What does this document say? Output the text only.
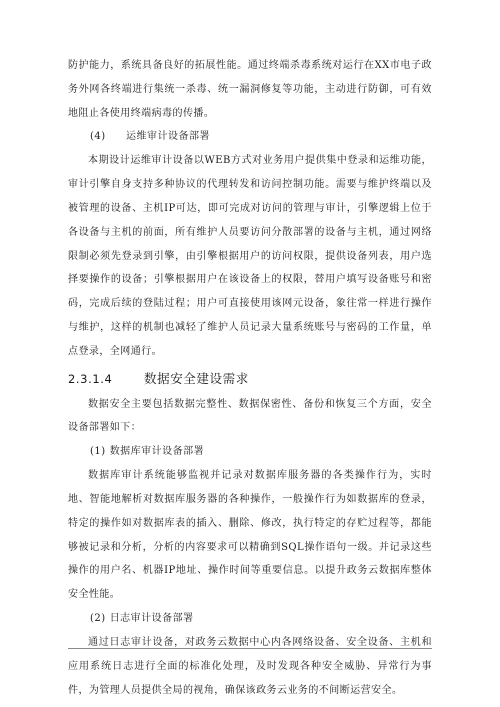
防护能力，系统具备良好的拓展性能。通过终端杀毒系统对运行在XX市电子政务外网各终端进行集统一杀毒、统一漏洞修复等功能，主动进行防御，可有效地阻止各使用终端病毒的传播。

(4) 运维审计设备部署

本期设计运维审计设备以WEB方式对业务用户提供集中登录和运维功能，审计引擎自身支持多种协议的代理转发和访问控制功能。需要与维护终端以及被管理的设备、主机IP可达，即可完成对访问的管理与审计，引擎逻辑上位于各设备与主机的前面，所有维护人员要访问分散部署的设备与主机，通过网络限制必须先登录到引擎，由引擎根据用户的访问权限，提供设备列表，用户选择要操作的设备；引擎根据用户在该设备上的权限，替用户填写设备账号和密码，完成后续的登陆过程；用户可直接使用该网元设备，象往常一样进行操作与维护，这样的机制也减轻了维护人员记录大量系统账号与密码的工作量，单点登录，全网通行。

2.3.1.4	数据安全建设需求

数据安全主要包括数据完整性、数据保密性、备份和恢复三个方面，安全设备部署如下：

(1) 数据库审计设备部署

数据库审计系统能够监视并记录对数据库服务器的各类操作行为，实时地、智能地解析对数据库服务器的各种操作，一般操作行为如数据库的登录，特定的操作如对数据库表的插入、删除、修改，执行特定的存贮过程等，都能够被记录和分析，分析的内容要求可以精确到SQL操作语句一级。并记录这些操作的用户名、机器IP地址、操作时间等重要信息。以提升政务云数据库整体安全性能。

(2) 日志审计设备部署

通过日志审计设备，对政务云数据中心内各网络设备、安全设备、主机和应用系统日志进行全面的标准化处理，及时发现各种安全威胁、异常行为事件，为管理人员提供全局的视角，确保该政务云业务的不间断运营安全。
